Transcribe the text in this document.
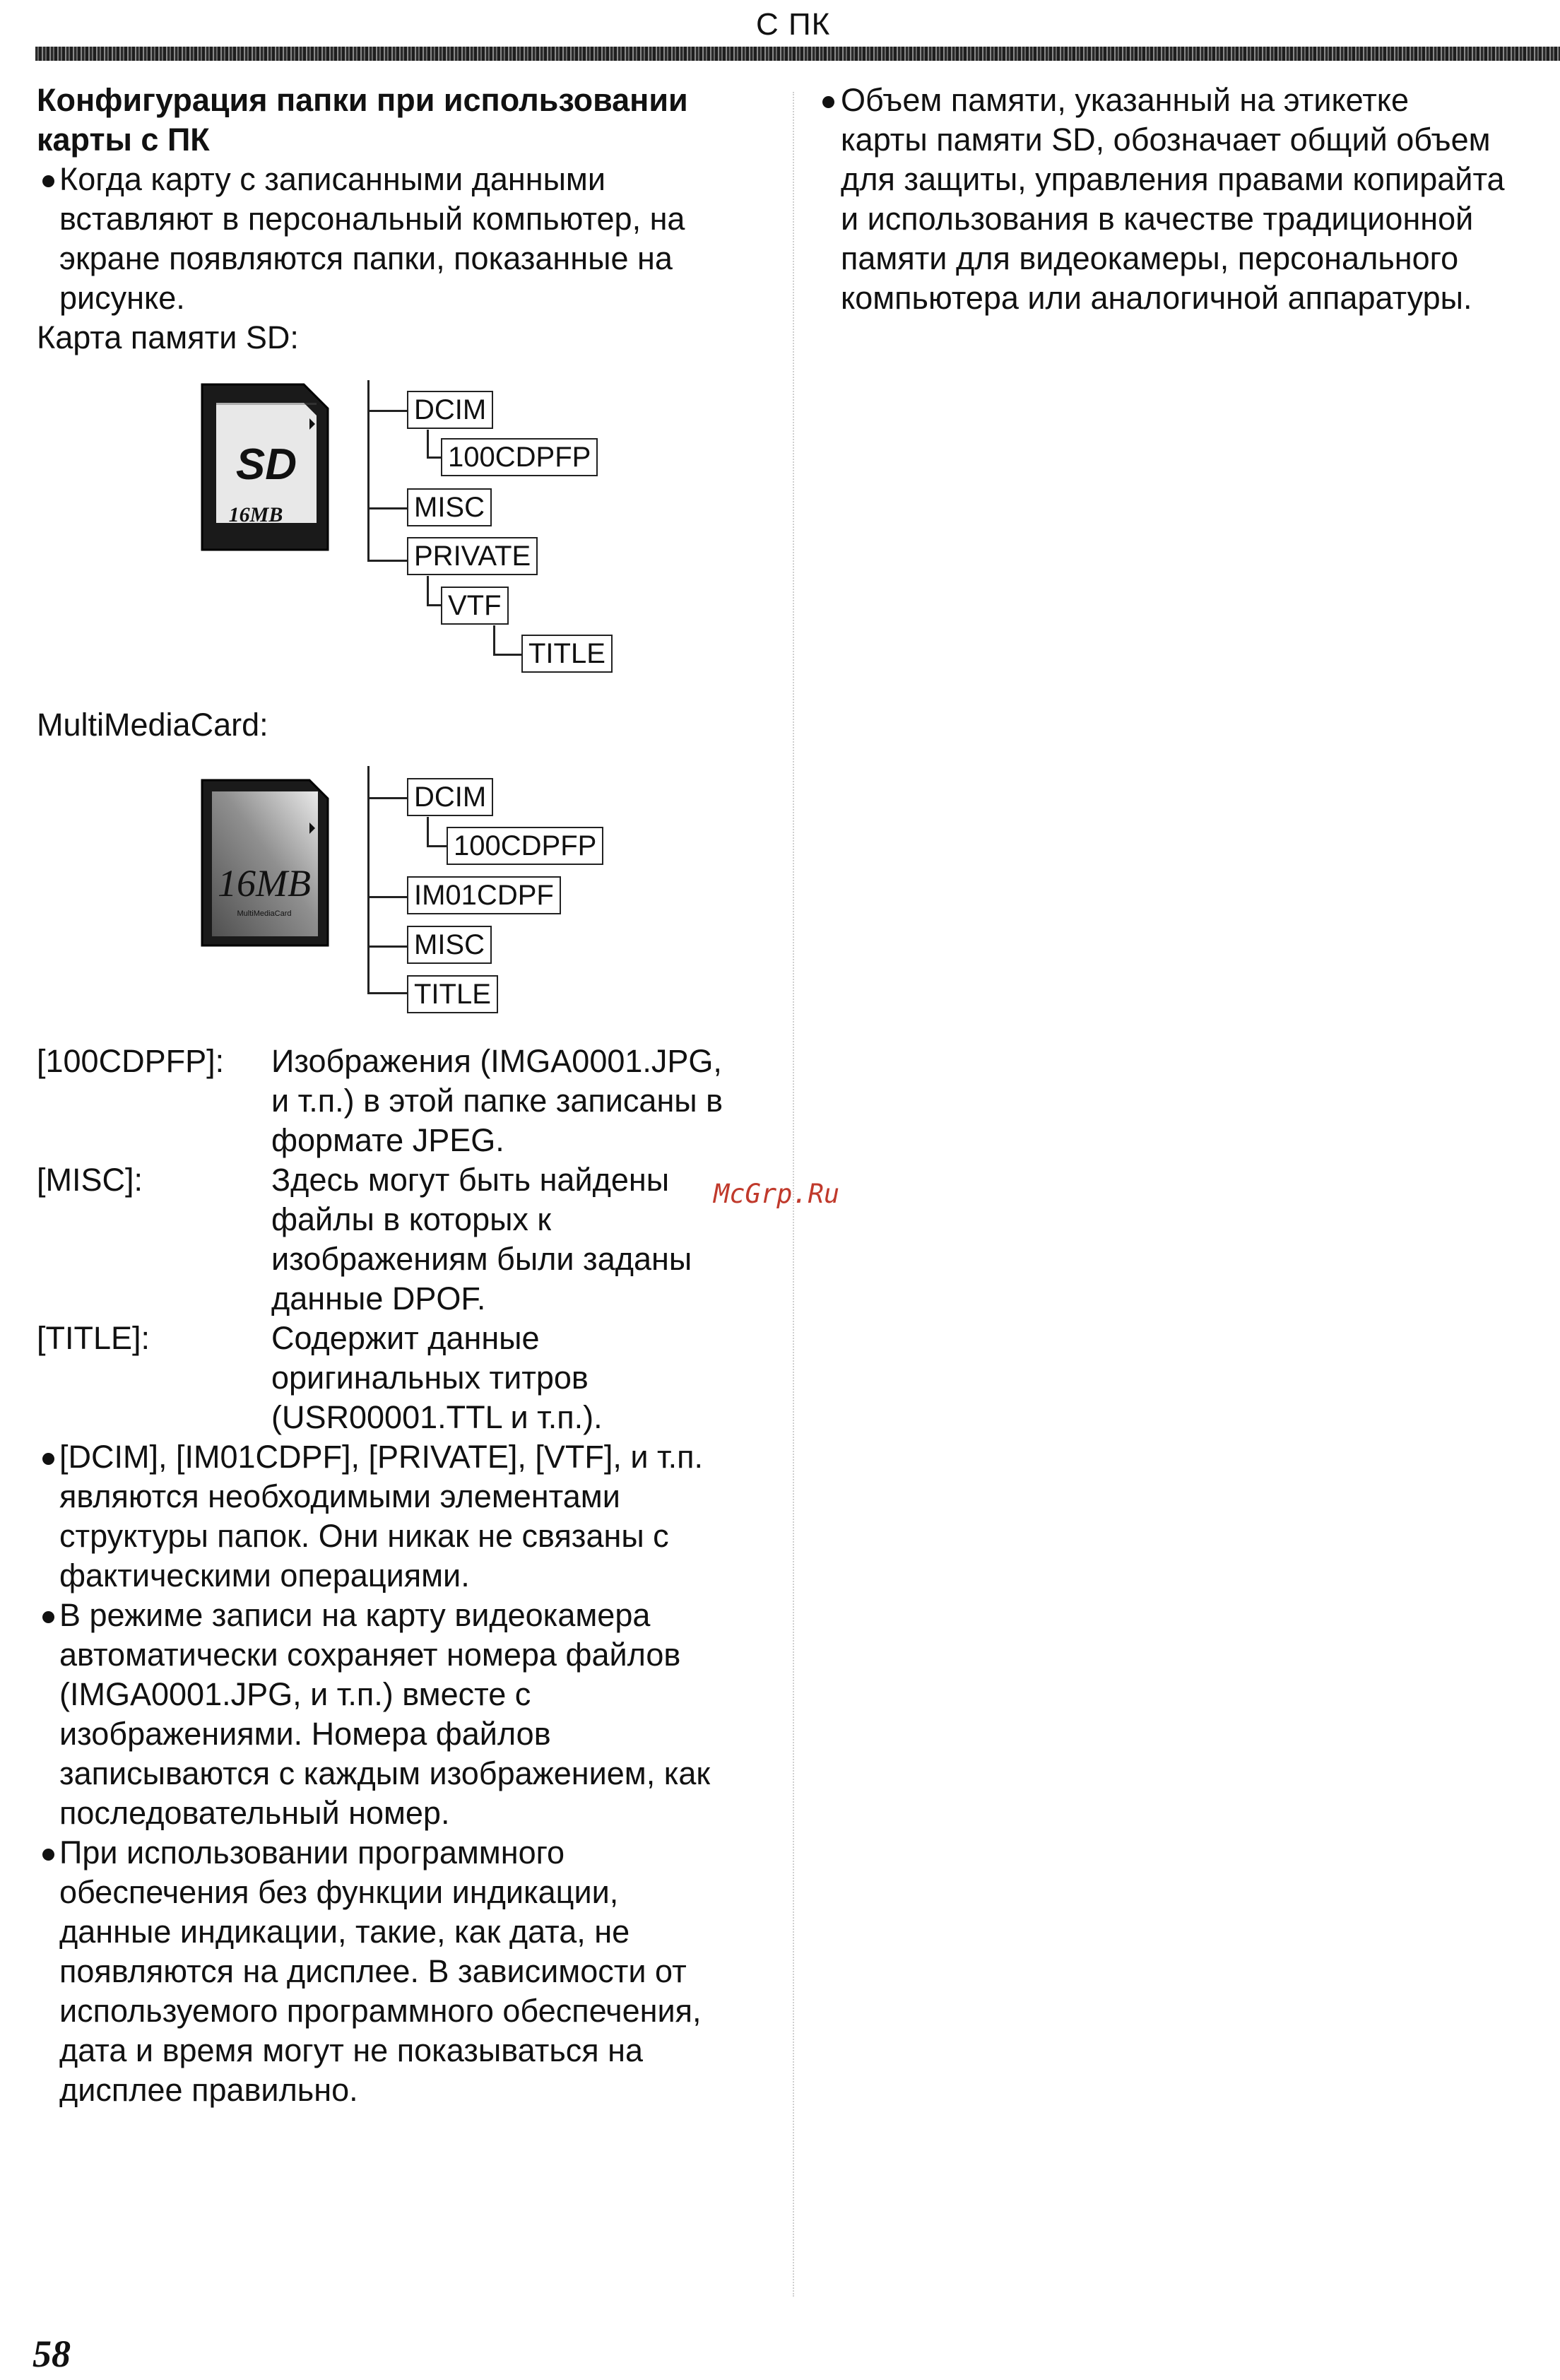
С ПК
Конфигурация папки при использовании
карты с ПК
Когда карту с записанными данными
вставляют в персональный компьютер, на
экране появляются папки, показанные на
рисунке.
Карта памяти SD:
SD
16MB
DCIM
100CDPFP
MISC
PRIVATE
VTF
TITLE
MultiMediaCard:
16MB
MultiMediaCard
DCIM
100CDPFP
IM01CDPF
MISC
TITLE
[100CDPFP]: Изображения (IMGA0001.JPG,
и т.п.) в этой папке записаны в
формате JPEG.
[MISC]:	Здесь могут быть найдены
файлы в которых к
изображениям были заданы
данные DPOF.
[TITLE]:	Содержит данные
оригинальных титров
(USR00001.TTL и т.п.).
[DCIM], [IM01CDPF], [PRIVATE], [VTF], и т.п.
являются необходимыми элементами
структуры папок. Они никак не связаны с
фактическими операциями.
В режиме записи на карту видеокамера
автоматически сохраняет номера файлов
(IMGA0001.JPG, и т.п.) вместе с
изображениями. Номера файлов
записываются с каждым изображением, как
последовательный номер.
При использовании программного
обеспечения без функции индикации,
данные индикации, такие, как дата, не
появляются на дисплее. В зависимости от
используемого программного обеспечения,
дата и время могут не показываться на
дисплее правильно.
Объем памяти, указанный на этикетке
карты памяти SD, обозначает общий объем
для защиты, управления правами копирайта
и использования в качестве традиционной
памяти для видеокамеры, персонального
компьютера или аналогичной аппаратуры.
McGrp.Ru
58
